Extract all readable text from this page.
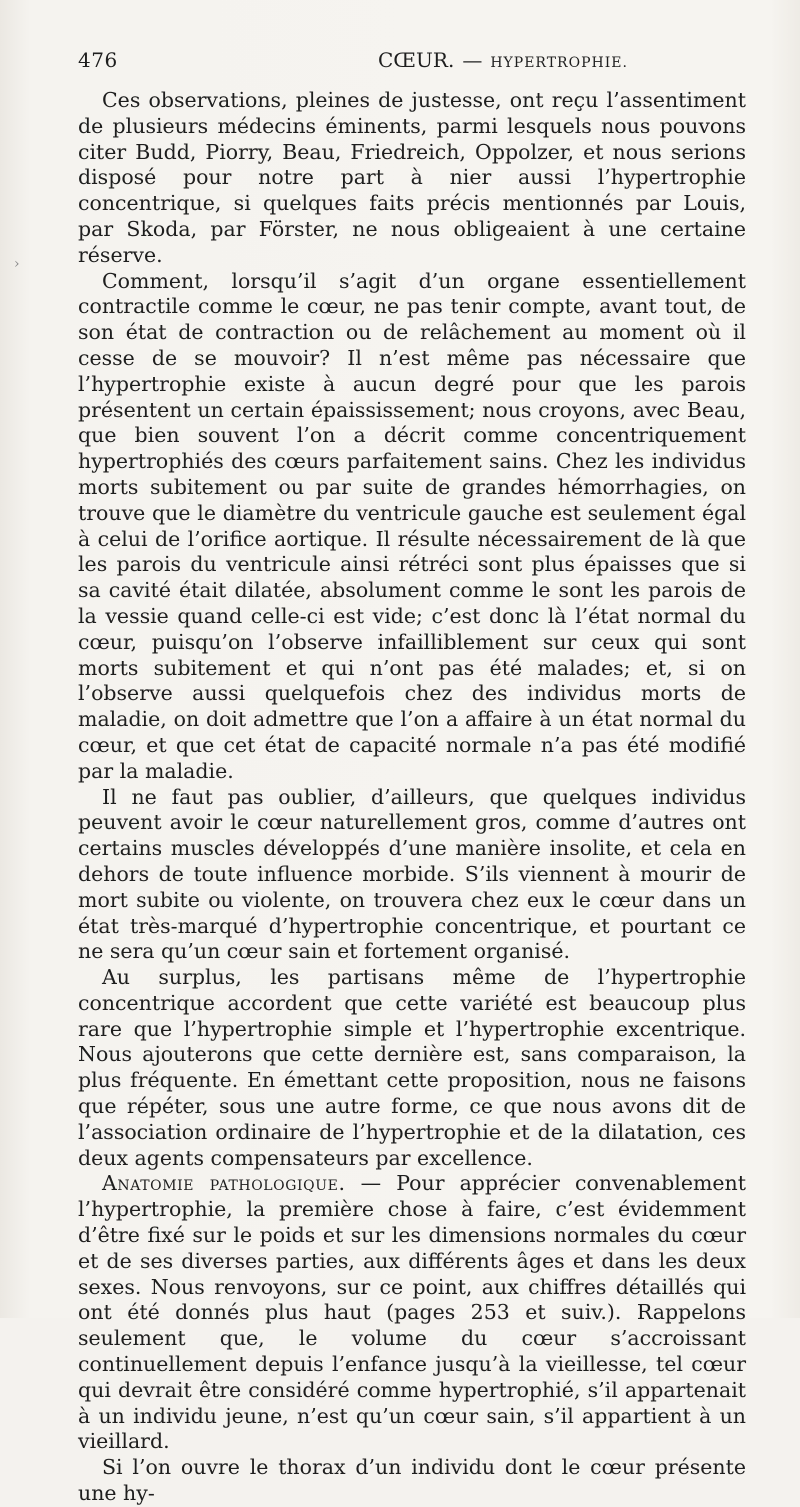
476	CŒUR. — HYPERTROPHIE.
›

Ces observations, pleines de justesse, ont reçu l’assentiment de plusieurs médecins éminents, parmi lesquels nous pouvons citer Budd, Piorry, Beau, Friedreich, Oppolzer, et nous serions disposé pour notre part à nier aussi l’hypertrophie concentrique, si quelques faits précis mentionnés par Louis, par Skoda, par Förster, ne nous obligeaient à une certaine réserve.

Comment, lorsqu’il s’agit d’un organe essentiellement contractile comme le cœur, ne pas tenir compte, avant tout, de son état de contraction ou de relâchement au moment où il cesse de se mouvoir? Il n’est même pas nécessaire que l’hypertrophie existe à aucun degré pour que les parois présentent un certain épaississement; nous croyons, avec Beau, que bien souvent l’on a décrit comme concentriquement hypertrophiés des cœurs parfaitement sains. Chez les individus morts subitement ou par suite de grandes hémorrhagies, on trouve que le diamètre du ventricule gauche est seulement égal à celui de l’orifice aortique. Il résulte nécessairement de là que les parois du ventricule ainsi rétréci sont plus épaisses que si sa cavité était dilatée, absolument comme le sont les parois de la vessie quand celle-ci est vide; c’est donc là l’état normal du cœur, puisqu’on l’observe infailliblement sur ceux qui sont morts subitement et qui n’ont pas été malades; et, si on l’observe aussi quelquefois chez des individus morts de maladie, on doit admettre que l’on a affaire à un état normal du cœur, et que cet état de capacité normale n’a pas été modifié par la maladie.

Il ne faut pas oublier, d’ailleurs, que quelques individus peuvent avoir le cœur naturellement gros, comme d’autres ont certains muscles développés d’une manière insolite, et cela en dehors de toute influence morbide. S’ils viennent à mourir de mort subite ou violente, on trouvera chez eux le cœur dans un état très-marqué d’hypertrophie concentrique, et pourtant ce ne sera qu’un cœur sain et fortement organisé.

Au surplus, les partisans même de l’hypertrophie concentrique accordent que cette variété est beaucoup plus rare que l’hypertrophie simple et l’hypertrophie excentrique. Nous ajouterons que cette dernière est, sans comparaison, la plus fréquente. En émettant cette proposition, nous ne faisons que répéter, sous une autre forme, ce que nous avons dit de l’association ordinaire de l’hypertrophie et de la dilatation, ces deux agents compensateurs par excellence.

Anatomie pathologique. — Pour apprécier convenablement l’hypertrophie, la première chose à faire, c’est évidemment d’être fixé sur le poids et sur les dimensions normales du cœur et de ses diverses parties, aux différents âges et dans les deux sexes. Nous renvoyons, sur ce point, aux chiffres détaillés qui ont été donnés plus haut (pages 253 et suiv.). Rappelons seulement que, le volume du cœur s’accroissant continuellement depuis l’enfance jusqu’à la vieillesse, tel cœur qui devrait être considéré comme hypertrophié, s’il appartenait à un individu jeune, n’est qu’un cœur sain, s’il appartient à un vieillard.

Si l’on ouvre le thorax d’un individu dont le cœur présente une hy-
